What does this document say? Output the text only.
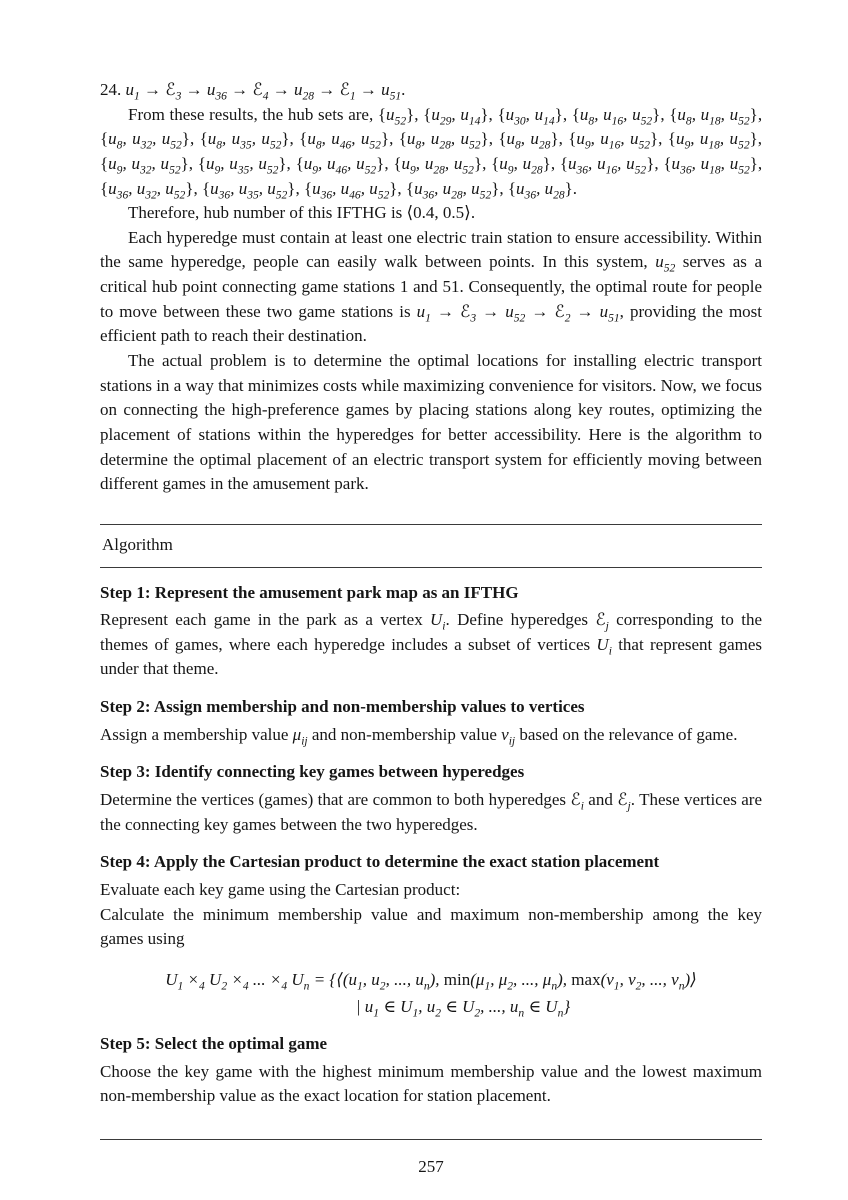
24. $u_1$ → ℰ$_3$ → $u_{36}$ → ℰ$_4$ → $u_{28}$ → ℰ$_1$ → $u_{51}$.

From these results, the hub sets are, $\{u_{52}\}$, {$u_{29}$, $u_{14}$}, {$u_{30}$, $u_{14}$}, {$u_8$, $u_{16}$, $u_{52}$}, {$u_8$, $u_{18}$, $u_{52}$}, {$u_8$, $u_{32}$, $u_{52}$}, {$u_8$, $u_{35}$, $u_{52}$}, {$u_8$, $u_{46}$, $u_{52}$}, {$u_8$, $u_{28}$, $u_{52}$}, {$u_8$, $u_{28}$}, {$u_9$, $u_{16}$, $u_{52}$}, {$u_9$, $u_{18}$, $u_{52}$}, {$u_9$, $u_{32}$, $u_{52}$}, {$u_9$, $u_{35}$, $u_{52}$}, {$u_9$, $u_{46}$, $u_{52}$}, {$u_9$, $u_{28}$, $u_{52}$}, {$u_9$, $u_{28}$}, {$u_{36}$, $u_{16}$, $u_{52}$}, {$u_{36}$, $u_{18}$, $u_{52}$}, {$u_{36}$, $u_{32}$, $u_{52}$}, {$u_{36}$, $u_{35}$, $u_{52}$}, {$u_{36}$, $u_{46}$, $u_{52}$}, {$u_{36}$, $u_{28}$, $u_{52}$}, {$u_{36}$, $u_{28}$}.

Therefore, hub number of this IFTHG is ⟨0.4, 0.5⟩.

Each hyperedge must contain at least one electric train station to ensure accessibility. Within the same hyperedge, people can easily walk between points. In this system, $u_{52}$ serves as a critical hub point connecting game stations 1 and 51. Consequently, the optimal route for people to move between these two game stations is $u_1$ → ℰ$_3$ → $u_{52}$ → ℰ$_2$ → $u_{51}$, providing the most efficient path to reach their destination.

The actual problem is to determine the optimal locations for installing electric transport stations in a way that minimizes costs while maximizing convenience for visitors. Now, we focus on connecting the high-preference games by placing stations along key routes, optimizing the placement of stations within the hyperedges for better accessibility. Here is the algorithm to determine the optimal placement of an electric transport system for efficiently moving between different games in the amusement park.

Algorithm
Step 1: Represent the amusement park map as an IFTHG

Represent each game in the park as a vertex $U_i$. Define hyperedges ℰ$_j$ corresponding to the themes of games, where each hyperedge includes a subset of vertices $U_i$ that represent games under that theme.

Step 2: Assign membership and non-membership values to vertices

Assign a membership value $\mu_{ij}$ and non-membership value $\nu_{ij}$ based on the relevance of game.

Step 3: Identify connecting key games between hyperedges

Determine the vertices (games) that are common to both hyperedges ℰ$_i$ and ℰ$_j$. These vertices are the connecting key games between the two hyperedges.

Step 4: Apply the Cartesian product to determine the exact station placement

Evaluate each key game using the Cartesian product:

Calculate the minimum membership value and maximum non-membership among the key games using

$U_1 \times_4$ $U_2 \times_4$ ... $\times_4$ $U_n$ = {$⟨(u_1$, $u_2$, ..., $u_n$), $\min(\mu_1$, $\mu_2$, ..., $\mu_n$), $\max(\nu_1$, $\nu_2$, ..., $\nu_n)⟩$
| $u_1$ ∈ $U_1$, $u_2$ ∈ $U_2$, ..., $u_n$ ∈ $U_n$}
Step 5: Select the optimal game

Choose the key game with the highest minimum membership value and the lowest maximum non-membership value as the exact location for station placement.

257
